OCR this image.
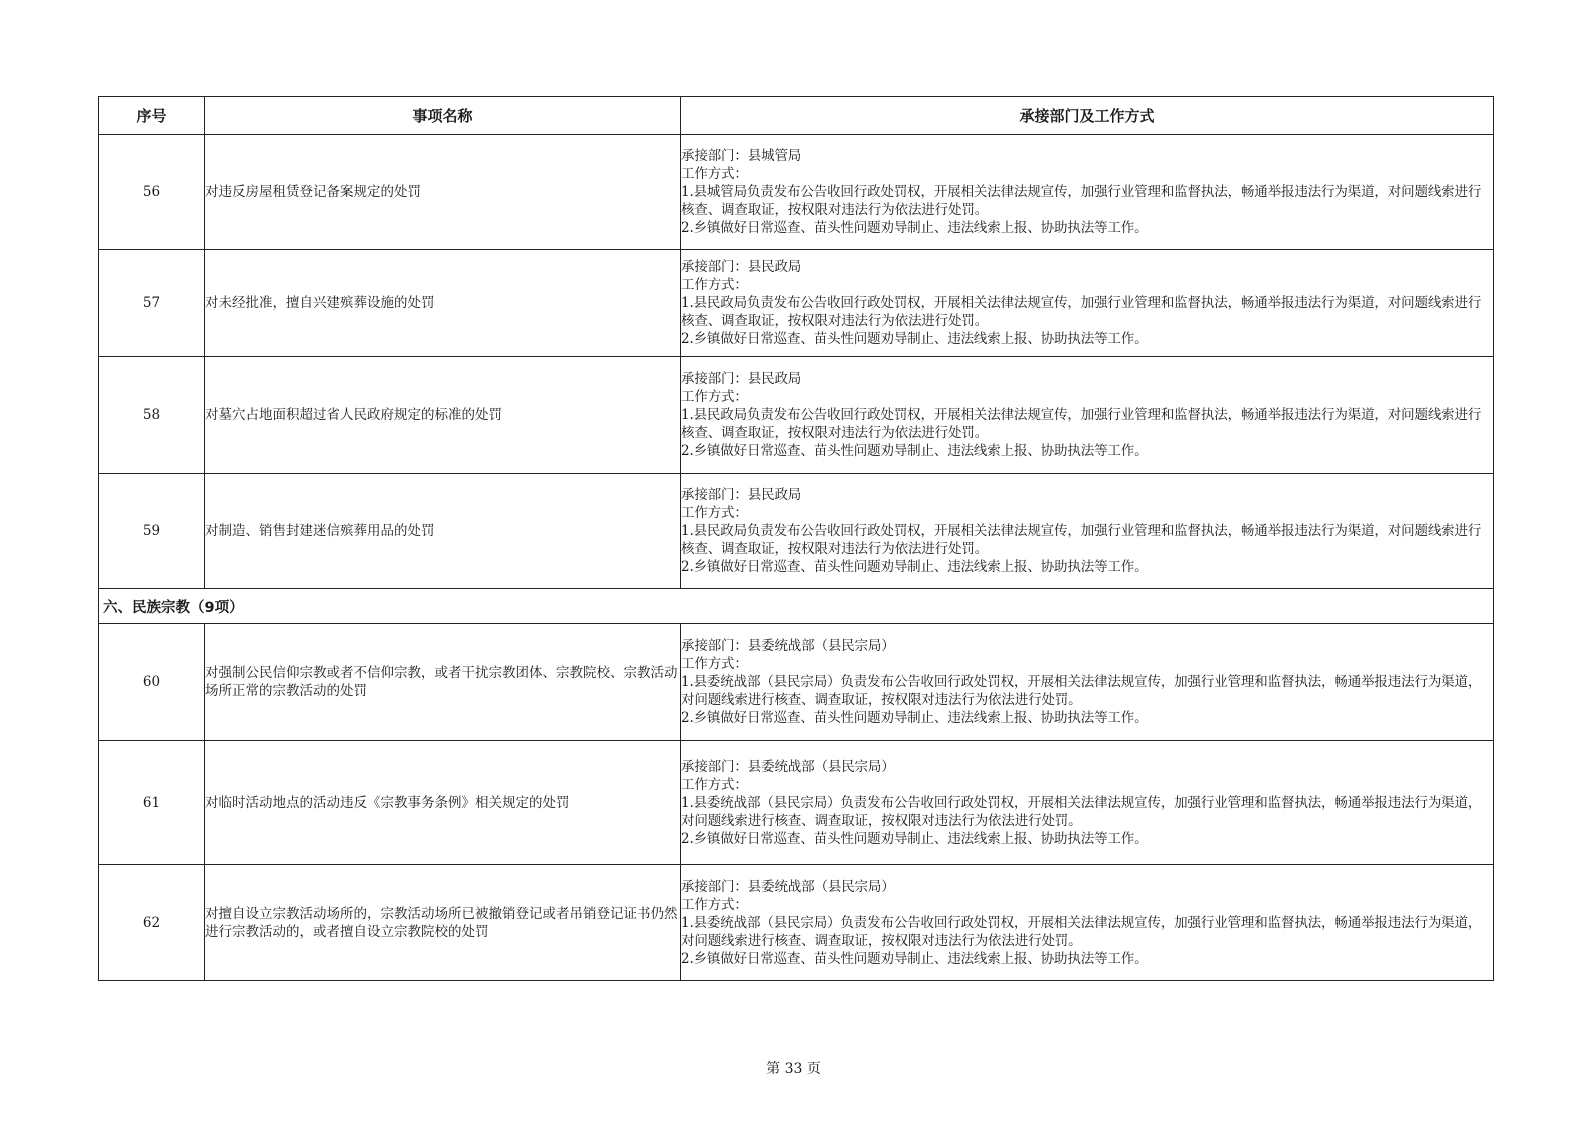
序号	事项名称	承接部门及工作方式
56	对违反房屋租赁登记备案规定的处罚	承接部门：县城管局
工作方式：
1.县城管局负责发布公告收回行政处罚权，开展相关法律法规宣传，加强行业管理和监督执法，畅通举报违法行为渠道，对问题线索进行核查、调查取证，按权限对违法行为依法进行处罚。
2.乡镇做好日常巡查、苗头性问题劝导制止、违法线索上报、协助执法等工作。
57	对未经批准，擅自兴建殡葬设施的处罚	承接部门：县民政局
工作方式：
1.县民政局负责发布公告收回行政处罚权，开展相关法律法规宣传，加强行业管理和监督执法，畅通举报违法行为渠道，对问题线索进行核查、调查取证，按权限对违法行为依法进行处罚。
2.乡镇做好日常巡查、苗头性问题劝导制止、违法线索上报、协助执法等工作。
58	对墓穴占地面积超过省人民政府规定的标准的处罚	承接部门：县民政局
工作方式：
1.县民政局负责发布公告收回行政处罚权，开展相关法律法规宣传，加强行业管理和监督执法，畅通举报违法行为渠道，对问题线索进行核查、调查取证，按权限对违法行为依法进行处罚。
2.乡镇做好日常巡查、苗头性问题劝导制止、违法线索上报、协助执法等工作。
59	对制造、销售封建迷信殡葬用品的处罚	承接部门：县民政局
工作方式：
1.县民政局负责发布公告收回行政处罚权，开展相关法律法规宣传，加强行业管理和监督执法，畅通举报违法行为渠道，对问题线索进行核查、调查取证，按权限对违法行为依法进行处罚。
2.乡镇做好日常巡查、苗头性问题劝导制止、违法线索上报、协助执法等工作。
六、民族宗教（9项）		
60	对强制公民信仰宗教或者不信仰宗教，或者干扰宗教团体、宗教院校、宗教活动场所正常的宗教活动的处罚	承接部门：县委统战部（县民宗局）
工作方式：
1.县委统战部（县民宗局）负责发布公告收回行政处罚权，开展相关法律法规宣传，加强行业管理和监督执法，畅通举报违法行为渠道，对问题线索进行核查、调查取证，按权限对违法行为依法进行处罚。
2.乡镇做好日常巡查、苗头性问题劝导制止、违法线索上报、协助执法等工作。
61	对临时活动地点的活动违反《宗教事务条例》相关规定的处罚	承接部门：县委统战部（县民宗局）
工作方式：
1.县委统战部（县民宗局）负责发布公告收回行政处罚权，开展相关法律法规宣传，加强行业管理和监督执法，畅通举报违法行为渠道，对问题线索进行核查、调查取证，按权限对违法行为依法进行处罚。
2.乡镇做好日常巡查、苗头性问题劝导制止、违法线索上报、协助执法等工作。
62	对擅自设立宗教活动场所的，宗教活动场所已被撤销登记或者吊销登记证书仍然进行宗教活动的，或者擅自设立宗教院校的处罚	承接部门：县委统战部（县民宗局）
工作方式：
1.县委统战部（县民宗局）负责发布公告收回行政处罚权，开展相关法律法规宣传，加强行业管理和监督执法，畅通举报违法行为渠道，对问题线索进行核查、调查取证，按权限对违法行为依法进行处罚。
2.乡镇做好日常巡查、苗头性问题劝导制止、违法线索上报、协助执法等工作。
第 33 页
